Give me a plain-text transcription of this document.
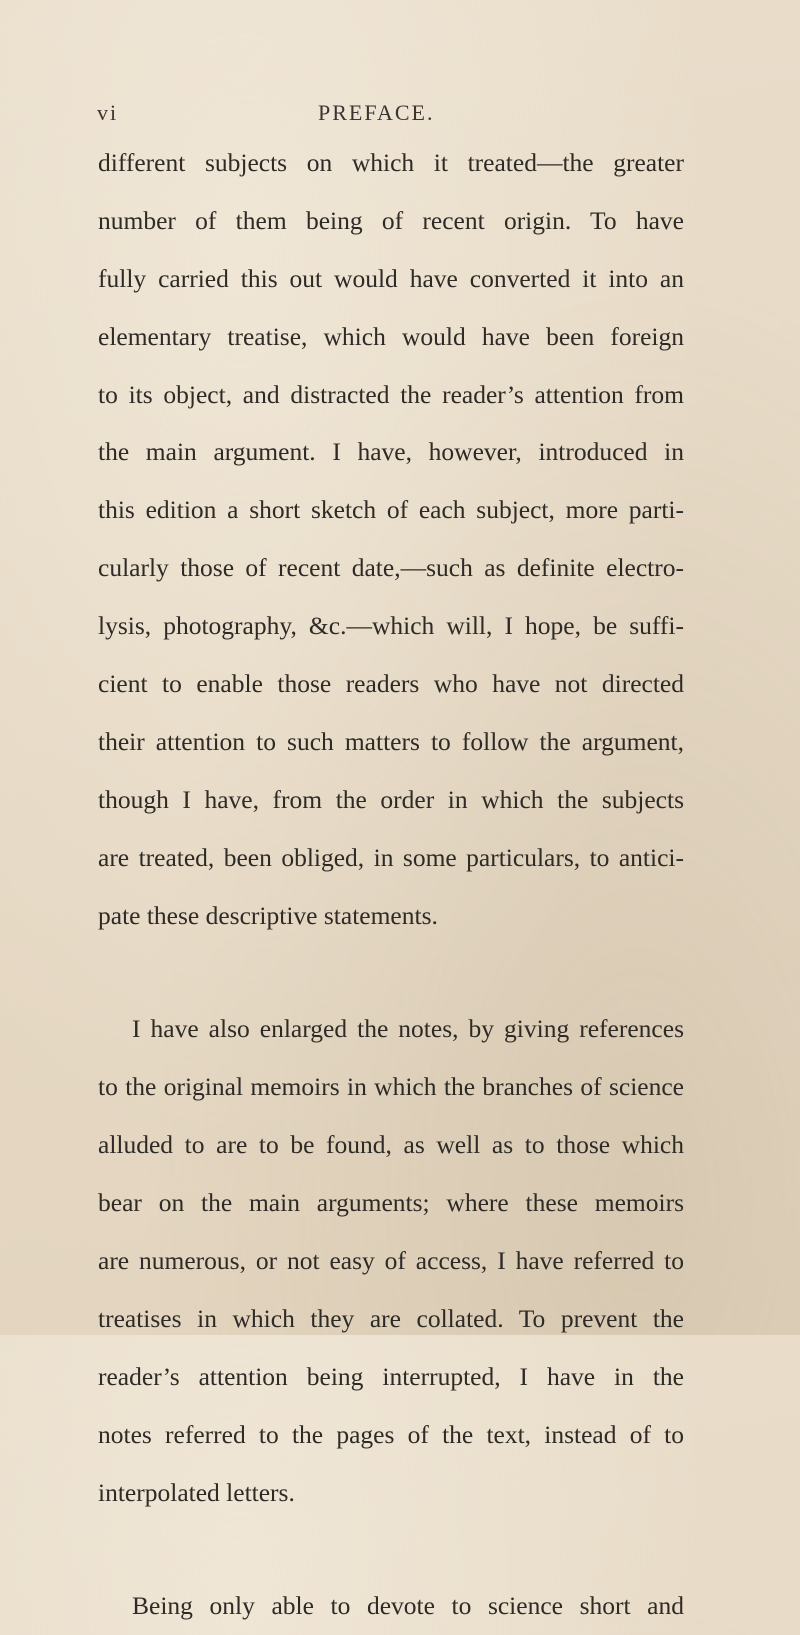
vi	PREFACE.
different subjects on which it treated—the greater
number of them being of recent origin. To have
fully carried this out would have converted it into an
elementary treatise, which would have been foreign
to its object, and distracted the reader’s attention from
the main argument. I have, however, introduced in
this edition a short sketch of each subject, more parti-
cularly those of recent date,—such as definite electro-
lysis, photography, &c.—which will, I hope, be suffi-
cient to enable those readers who have not directed
their attention to such matters to follow the argument,
though I have, from the order in which the subjects
are treated, been obliged, in some particulars, to antici-
pate these descriptive statements.
I have also enlarged the notes, by giving references
to the original memoirs in which the branches of science
alluded to are to be found, as well as to those which
bear on the main arguments; where these memoirs
are numerous, or not easy of access, I have referred to
treatises in which they are collated. To prevent the
reader’s attention being interrupted, I have in the
notes referred to the pages of the text, instead of to
interpolated letters.
Being only able to devote to science short and
